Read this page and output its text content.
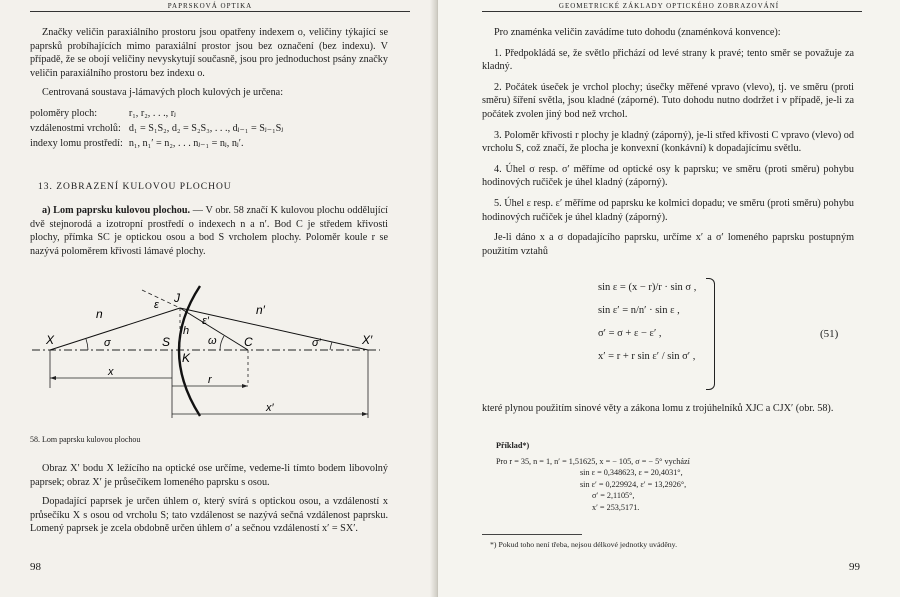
PAPRSKOVÁ OPTIKA

Značky veličin paraxiálního prostoru jsou opatřeny indexem o, veličiny týkající se paprsků probíhajících mimo paraxiální prostor jsou bez označení (bez indexu). V případě, že se obojí veličiny nevyskytují současně, jsou pro jednoduchost psány značky veličin paraxiálního prostoru bez indexu o.

Centrovaná soustava j-lámavých ploch kulových je určena:

poloměry ploch:	r₁, r₂, . . ., rⱼ
vzdálenostmi vrcholů:	d₁ = S₁S₂, d₂ = S₂S₃, . . ., dⱼ₋₁ = Sⱼ₋₁Sⱼ
indexy lomu prostředí:	n₁, n₁′ = n₂, . . . nⱼ₋₁ = nⱼ, nⱼ′.
13. ZOBRAZENÍ KULOVOU PLOCHOU

a) Lom paprsku kulovou plochou. — V obr. 58 značí K kulovou plochu oddělující dvě stejnorodá a izotropní prostředí o indexech n a n′. Bod C je středem křivosti plochy, přímka SC je optickou osou a bod S vrcholem plochy. Poloměr koule r se nazývá poloměrem křivosti lámavé plochy.

X	S	C	X′
J
K
n	n′
σ	σ′
ε
ε′
ω
h
x
r
x′
58. Lom paprsku kulovou plochou

Obraz X′ bodu X ležícího na optické ose určíme, vedeme-li tímto bodem libovolný paprsek; obraz X′ je průsečíkem lomeného paprsku s osou.

Dopadající paprsek je určen úhlem σ, který svírá s optickou osou, a vzdáleností x průsečíku X s osou od vrcholu S; tato vzdálenost se nazývá sečná vzdálenost paprsku. Lomený paprsek je zcela obdobně určen úhlem σ′ a sečnou vzdáleností x′ = SX′.

98
GEOMETRICKÉ ZÁKLADY OPTICKÉHO ZOBRAZOVÁNÍ

Pro znaménka veličin zavádíme tuto dohodu (znaménková konvence):

1. Předpokládá se, že světlo přichází od levé strany k pravé; tento směr se považuje za kladný.

2. Počátek úseček je vrchol plochy; úsečky měřené vpravo (vlevo), tj. ve směru (proti směru) šíření světla, jsou kladné (záporné). Tuto dohodu nutno dodržet i v případě, je-li za počátek zvolen jiný bod než vrchol.

3. Poloměr křivosti r plochy je kladný (záporný), je-li střed křivosti C vpravo (vlevo) od vrcholu S, což značí, že plocha je konvexní (konkávní) k dopadajícímu světlu.

4. Úhel σ resp. σ′ měříme od optické osy k paprsku; ve směru (proti směru) pohybu hodinových ručiček je úhel kladný (záporný).

5. Úhel ε resp. ε′ měříme od paprsku ke kolmici dopadu; ve směru (proti směru) pohybu hodinových ručiček je úhel kladný (záporný).

Je-li dáno x a σ dopadajícího paprsku, určíme x′ a σ′ lomeného paprsku postupným použitím vztahů

sin ε = (x − r)/r · sin σ ,
sin ε′ = n/n′ · sin ε ,
σ′ = σ + ε − ε′ ,
x′ = r + r sin ε′ / sin σ′ ,
(51)

které plynou použitím sinové věty a zákona lomu z trojúhelníků XJC a CJX′ (obr. 58).

Příklad*)
Pro r = 35, n = 1, n′ = 1,51625, x = − 105, σ = − 5° vychází
sin ε = 0,348623, ε = 20,4031°,
sin ε′ = 0,229924, ε′ = 13,2926°,
σ′ = 2,1105°,
x′ = 253,5171.
*) Pokud toho není třeba, nejsou délkové jednotky uváděny.
99
